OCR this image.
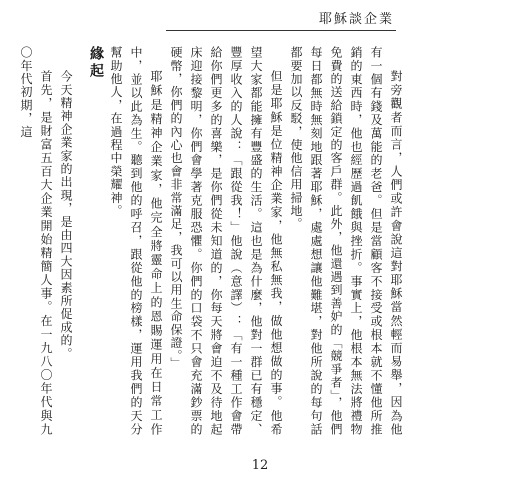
耶穌談企業

對旁觀者而言，人們或許會說這對耶穌當然輕而易舉，因為他有一個有錢及萬能的老爸。但是當顧客不接受或根本就不懂他所推銷的東西時，他也經歷過飢餓與挫折。事實上，他根本無法將禮物免費的送給鎖定的客戶群。此外，他還遇到善妒的「競爭者」，他們每日都無時無刻地跟著耶穌，處處想讓他難堪，對他所說的每句話都要加以反駁，使他信用掃地。

但是耶穌是位精神企業家，他無私無我，做他想做的事。他希望大家都能擁有豐盛的生活。這也是為什麼，他對一群已有穩定、豐厚收入的人說：「跟從我！」他說（意譯）：「有一種工作會帶給你們更多的喜樂，是你們從未知道的，你每天將會迫不及待地起床迎接黎明，你們會學著克服恐懼。你們的口袋不只會充滿鈔票的硬幣，你們的內心也會非常滿足，我可以用生命保證。」

耶穌是精神企業家，他完全將靈命上的恩賜運用在日常工作中，並以此為生。聽到他的呼召，跟從他的榜樣，運用我們的天分幫助他人，在過程中榮耀神。

緣起

今天精神企業家的出現，是由四大因素所促成的。

首先，是財富五百大企業開始精簡人事。在一九八〇年代與九〇年代初期，這

12
